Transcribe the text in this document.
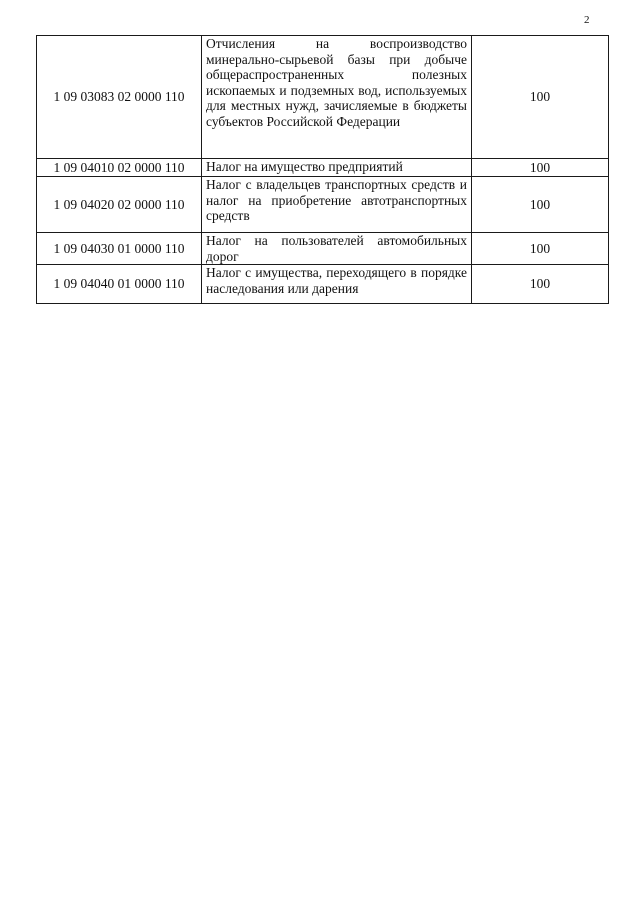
2
1 09 03083 02 0000 110	Отчисления на воспроизводство минерально-сырьевой базы при добыче общераспространенных полезных ископаемых и подземных вод, используемых для местных нужд, зачисляемые в бюджеты субъектов Российской Федерации	100
1 09 04010 02 0000 110	Налог на имущество предприятий	100
1 09 04020 02 0000 110	Налог с владельцев транспортных средств и налог на приобретение автотранспортных средств	100
1 09 04030 01 0000 110	Налог на пользователей автомобильных дорог	100
1 09 04040 01 0000 110	Налог с имущества, переходящего в порядке наследования или дарения	100
